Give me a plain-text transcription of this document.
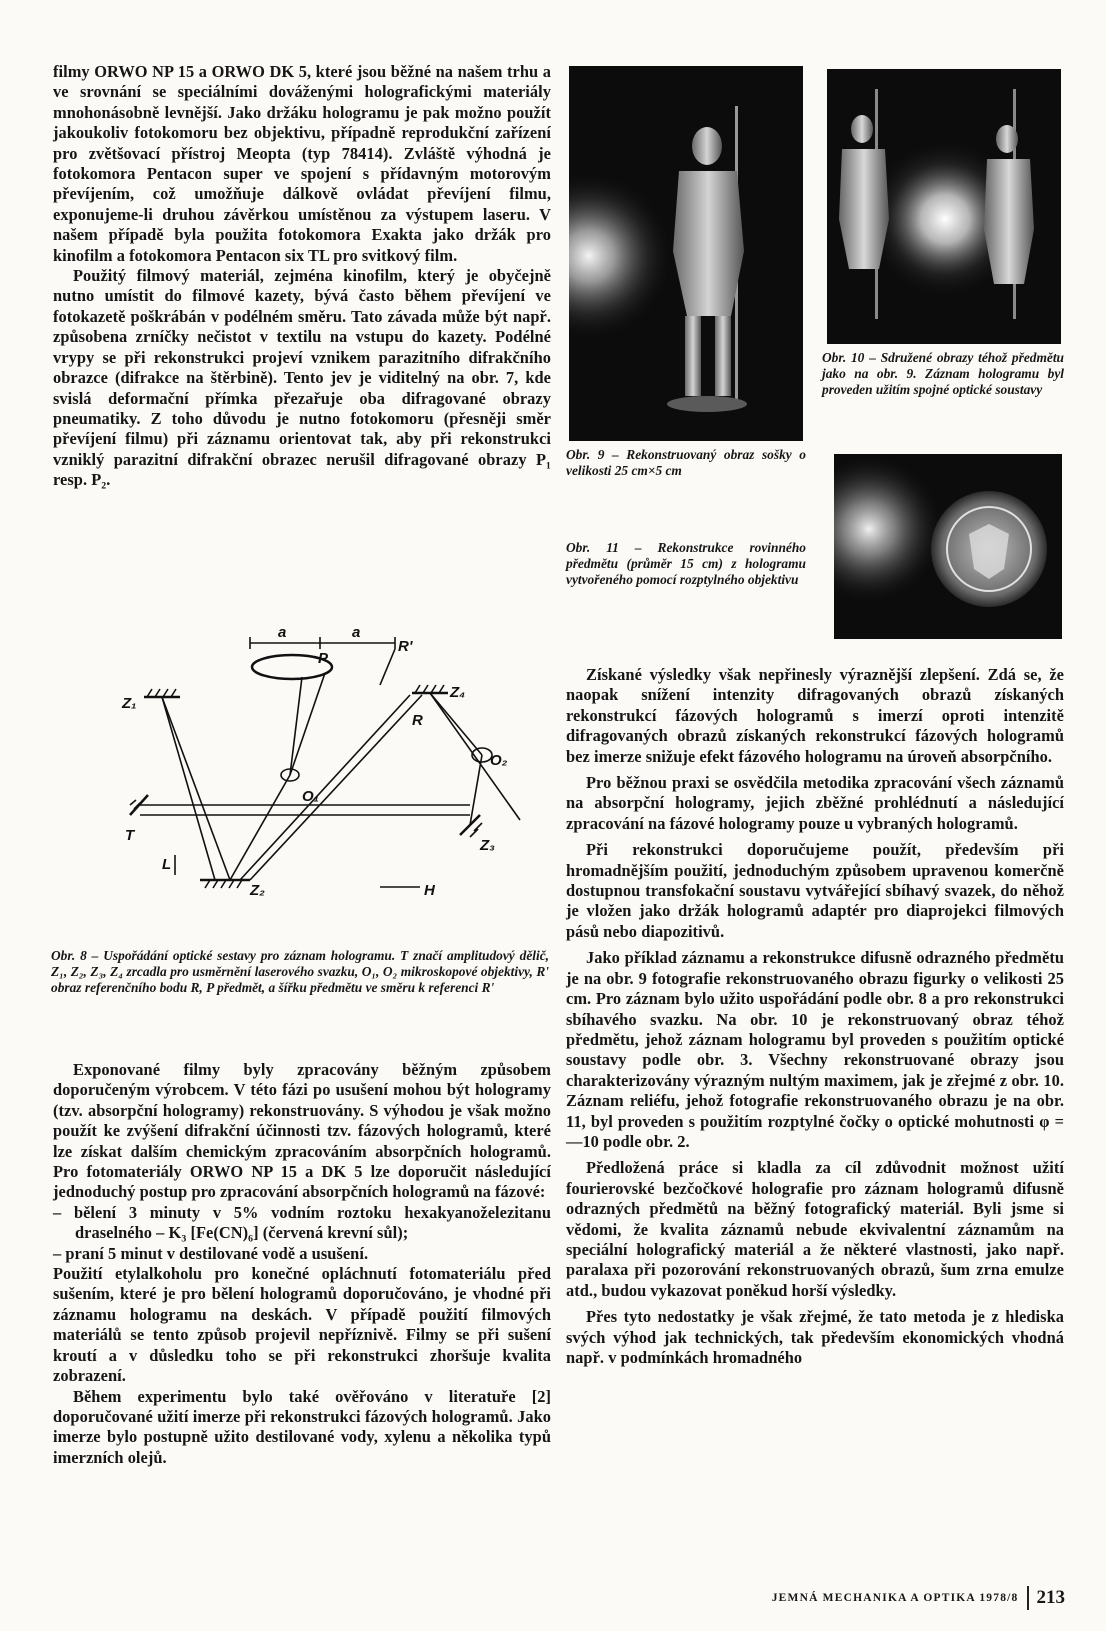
filmy ORWO NP 15 a ORWO DK 5, které jsou běžné na našem trhu a ve srovnání se speciálními dováženými holografickými materiály mnohonásobně levnější. Jako držáku hologramu je pak možno použít jakoukoliv fotokomoru bez objektivu, případně reprodukční zařízení pro zvětšovací přístroj Meopta (typ 78414). Zvláště výhodná je fotokomora Pentacon super ve spojení s přídavným motorovým převíjením, což umožňuje dálkově ovládat převíjení filmu, exponujeme-li druhou závěrkou umístěnou za výstupem laseru. V našem případě byla použita fotokomora Exakta jako držák pro kinofilm a fotokomora Pentacon six TL pro svitkový film.

Použitý filmový materiál, zejména kinofilm, který je obyčejně nutno umístit do filmové kazety, bývá často během převíjení ve fotokazetě poškrábán v podélném směru. Tato závada může být např. způsobena zrníčky nečistot v textilu na vstupu do kazety. Podélné vrypy se při rekonstrukci projeví vznikem parazitního difrakčního obrazce (difrakce na štěrbině). Tento jev je viditelný na obr. 7, kde svislá deformační přímka přezařuje oba difragované obrazy pneumatiky. Z toho důvodu je nutno fotokomoru (přesněji směr převíjení filmu) při záznamu orientovat tak, aby při rekonstrukci vzniklý parazitní difrakční obrazec nerušil difragované obrazy P₁ resp. P₂.

Obr. 10 – Sdružené obrazy téhož předmětu jako na obr. 9. Záznam hologramu byl proveden užitím spojné optické soustavy

Obr. 9 – Rekonstruovaný obraz sošky o velikosti 25 cm×5 cm

Obr. 11 – Rekonstrukce rovinného předmětu (průměr 15 cm) z hologramu vytvořeného pomocí rozptylného objektivu

a	a
R'
P
R
Z₁
Z₄
O₁
O₂
T
L
Z₂
Z₃
H

Obr. 8 – Uspořádání optické sestavy pro záznam hologramu. T značí amplitudový dělič, Z₁, Z₂, Z₃, Z₄ zrcadla pro usměrnění laserového svazku, O₁, O₂ mikroskopové objektivy, R' obraz referenčního bodu R, P předmět, a šířku předmětu ve směru k referenci R'

Exponované filmy byly zpracovány běžným způsobem doporučeným výrobcem. V této fázi po usušení mohou být hologramy (tzv. absorpční hologramy) rekonstruovány. S výhodou je však možno použít ke zvýšení difrakční účinnosti tzv. fázových hologramů, které lze získat dalším chemickým zpracováním absorpčních hologramů. Pro fotomateriály ORWO NP 15 a DK 5 lze doporučit následující jednoduchý postup pro zpracování absorpčních hologramů na fázové:

– bělení 3 minuty v 5% vodním roztoku hexakyanoželezitanu draselného – K₃ [Fe(CN)₆] (červená krevní sůl);

– praní 5 minut v destilované vodě a usušení.

Použití etylalkoholu pro konečné opláchnutí fotomateriálu před sušením, které je pro bělení hologramů doporučováno, je vhodné při záznamu hologramu na deskách. V případě použití filmových materiálů se tento způsob projevil nepříznivě. Filmy se při sušení kroutí a v důsledku toho se při rekonstrukci zhoršuje kvalita zobrazení.

Během experimentu bylo také ověřováno v literatuře [2] doporučované užití imerze při rekonstrukci fázových hologramů. Jako imerze bylo postupně užito destilované vody, xylenu a několika typů imerzních olejů.

Získané výsledky však nepřinesly výraznější zlepšení. Zdá se, že naopak snížení intenzity difragovaných obrazů získaných rekonstrukcí fázových hologramů s imerzí oproti intenzitě difragovaných obrazů získaných rekonstrukcí fázových hologramů bez imerze snižuje efekt fázového hologramu na úroveň absorpčního.

Pro běžnou praxi se osvědčila metodika zpracování všech záznamů na absorpční hologramy, jejich zběžné prohlédnutí a následující zpracování na fázové hologramy pouze u vybraných hologramů.

Při rekonstrukci doporučujeme použít, především při hromadnějším použití, jednoduchým způsobem upravenou komerčně dostupnou transfokační soustavu vytvářející sbíhavý svazek, do něhož je vložen jako držák hologramů adaptér pro diaprojekci filmových pásů nebo diapozitivů.

Jako příklad záznamu a rekonstrukce difusně odrazného předmětu je na obr. 9 fotografie rekonstruovaného obrazu figurky o velikosti 25 cm. Pro záznam bylo užito uspořádání podle obr. 8 a pro rekonstrukci sbíhavého svazku. Na obr. 10 je rekonstruovaný obraz téhož předmětu, jehož záznam hologramu byl proveden s použitím optické soustavy podle obr. 3. Všechny rekonstruované obrazy jsou charakterizovány výrazným nultým maximem, jak je zřejmé z obr. 10. Záznam reliéfu, jehož fotografie rekonstruovaného obrazu je na obr. 11, byl proveden s použitím rozptylné čočky o optické mohutnosti φ = —10 podle obr. 2.

Předložená práce si kladla za cíl zdůvodnit možnost užití fourierovské bezčočkové holografie pro záznam hologramů difusně odrazných předmětů na běžný fotografický materiál. Byli jsme si vědomi, že kvalita záznamů nebude ekvivalentní záznamům na speciální holografický materiál a že některé vlastnosti, jako např. paralaxa při pozorování rekonstruovaných obrazů, šum zrna emulze atd., budou vykazovat poněkud horší výsledky.

Přes tyto nedostatky je však zřejmé, že tato metoda je z hlediska svých výhod jak technických, tak především ekonomických vhodná např. v podmínkách hromadného

JEMNÁ MECHANIKA A OPTIKA 1978/8 213
